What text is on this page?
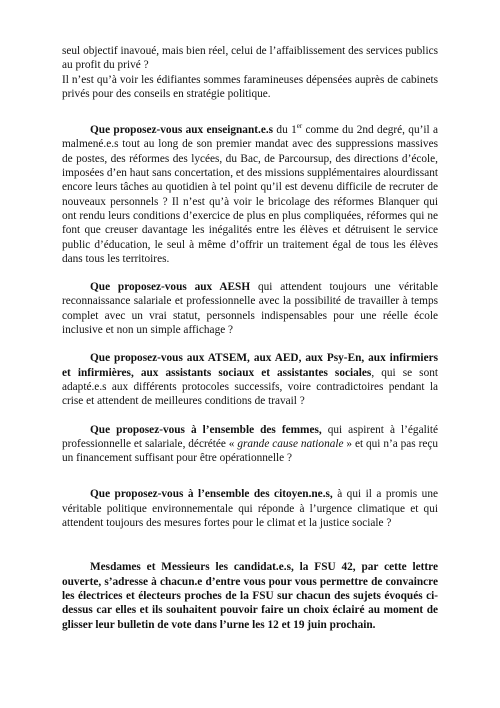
seul objectif inavoué, mais bien réel, celui de l’affaiblissement des services publics au profit du privé ?

Il n’est qu’à voir les édifiantes sommes faramineuses dépensées auprès de cabinets privés pour des conseils en stratégie politique.

Que proposez-vous aux enseignant.e.s du 1er comme du 2nd degré, qu’il a malmené.e.s tout au long de son premier mandat avec des suppressions massives de postes, des réformes des lycées, du Bac, de Parcoursup, des directions d’école, imposées d’en haut sans concertation, et des missions supplémentaires alourdissant encore leurs tâches au quotidien à tel point qu’il est devenu difficile de recruter de nouveaux personnels ? Il n’est qu’à voir le bricolage des réformes Blanquer qui ont rendu leurs conditions d’exercice de plus en plus compliquées, réformes qui ne font que creuser davantage les inégalités entre les élèves et détruisent le service public d’éducation, le seul à même d’offrir un traitement égal de tous les élèves dans tous les territoires.

Que proposez-vous aux AESH qui attendent toujours une véritable reconnaissance salariale et professionnelle avec la possibilité de travailler à temps complet avec un vrai statut, personnels indispensables pour une réelle école inclusive et non un simple affichage ?

Que proposez-vous aux ATSEM, aux AED, aux Psy-En, aux infirmiers et infirmières, aux assistants sociaux et assistantes sociales, qui se sont adapté.e.s aux différents protocoles successifs, voire contradictoires pendant la crise et attendent de meilleures conditions de travail ?

Que proposez-vous à l’ensemble des femmes, qui aspirent à l’égalité professionnelle et salariale, décrétée « grande cause nationale » et qui n’a pas reçu un financement suffisant pour être opérationnelle ?

Que proposez-vous à l’ensemble des citoyen.ne.s, à qui il a promis une véritable politique environnementale qui réponde à l’urgence climatique et qui attendent toujours des mesures fortes pour le climat et la justice sociale ?

Mesdames et Messieurs les candidat.e.s, la FSU 42, par cette lettre ouverte, s’adresse à chacun.e d’entre vous pour vous permettre de convaincre les électrices et électeurs proches de la FSU sur chacun des sujets évoqués ci-dessus car elles et ils souhaitent pouvoir faire un choix éclairé au moment de glisser leur bulletin de vote dans l’urne les 12 et 19 juin prochain.
